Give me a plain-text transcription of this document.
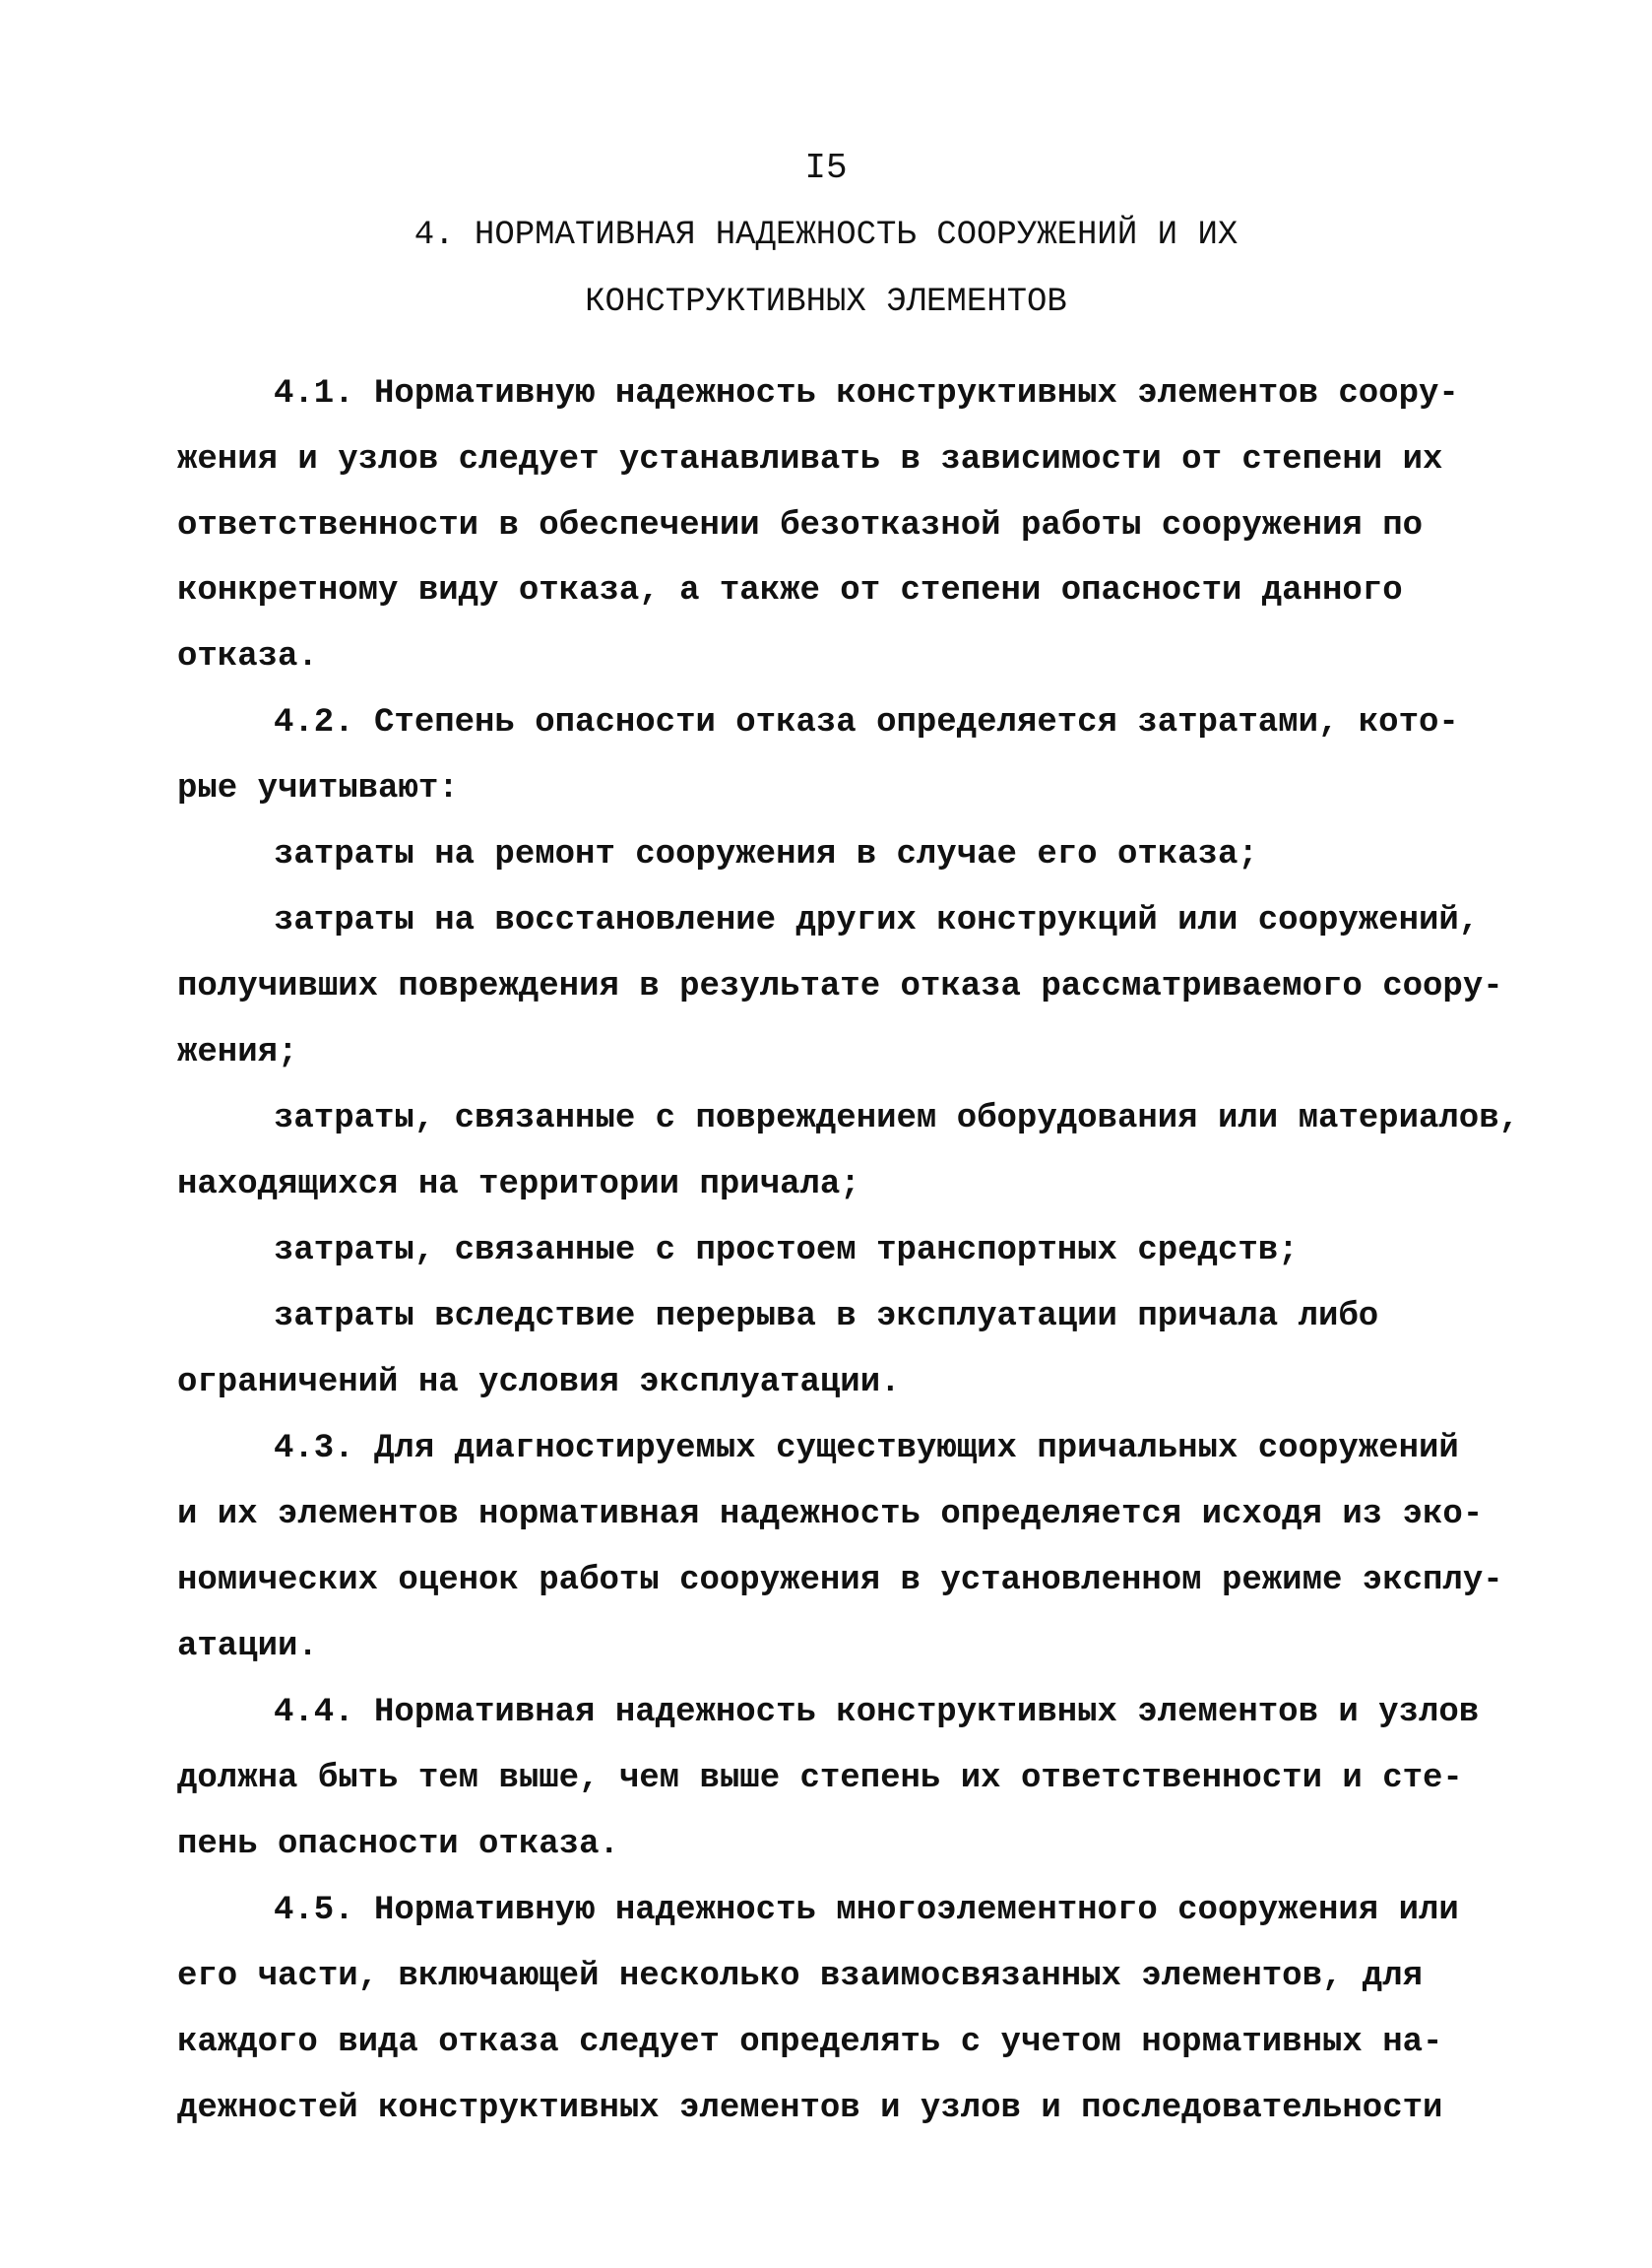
I5
4. НОРМАТИВНАЯ НАДЕЖНОСТЬ СООРУЖЕНИЙ И ИХ
КОНСТРУКТИВНЫХ ЭЛЕМЕНТОВ
4.1. Нормативную надежность конструктивных элементов соору-
жения и узлов следует устанавливать в зависимости от степени их
ответственности в обеспечении безотказной работы сооружения по
конкретному виду отказа, а также от степени опасности данного
отказа.
4.2. Степень опасности отказа определяется затратами, кото-
рые учитывают:
затраты на ремонт сооружения в случае его отказа;
затраты на восстановление других конструкций или сооружений,
получивших повреждения в результате отказа рассматриваемого соору-
жения;
затраты, связанные с повреждением оборудования или материалов,
находящихся на территории причала;
затраты, связанные с простоем транспортных средств;
затраты вследствие перерыва в эксплуатации причала либо
ограничений на условия эксплуатации.
4.3. Для диагностируемых существующих причальных сооружений
и их элементов нормативная надежность определяется исходя из эко-
номических оценок работы сооружения в установленном режиме эксплу-
атации.
4.4. Нормативная надежность конструктивных элементов и узлов
должна быть тем выше, чем выше степень их ответственности и сте-
пень опасности отказа.
4.5. Нормативную надежность многоэлементного сооружения или
его части, включающей несколько взаимосвязанных элементов, для
каждого вида отказа следует определять с учетом нормативных на-
дежностей конструктивных элементов и узлов и последовательности
